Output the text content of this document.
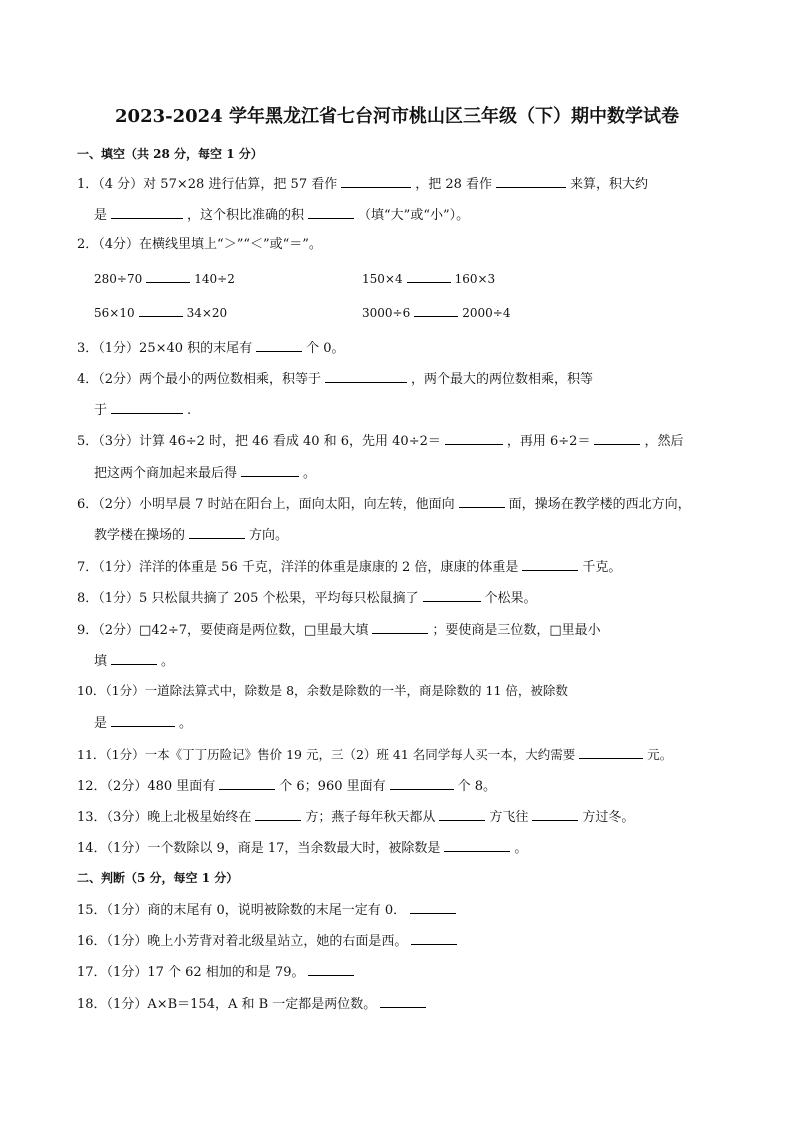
2023-2024 学年黑龙江省七台河市桃山区三年级（下）期中数学试卷
一、填空（共 28 分，每空 1 分）
1．（4 分）对 57×28 进行估算，把 57 看作	，把 28 看作	来算，积大约
是	，这个积比准确的积	（填“大”或“小”）。
2．（4分）在横线里填上“＞”“＜”或“＝”。
280÷70	140÷2	150×4	160×3
56×10	34×20	3000÷6	2000÷4
3．（1分）25×40 积的末尾有	个 0。
4．（2分）两个最小的两位数相乘，积等于	，两个最大的两位数相乘，积等
于	.
5．（3分）计算 46÷2 时，把 46 看成 40 和 6，先用 40÷2＝	，再用 6÷2＝	，然后
把这两个商加起来最后得	。
6．（2分）小明早晨 7 时站在阳台上，面向太阳，向左转，他面向	面，操场在教学楼的西北方向，
教学楼在操场的	方向。
7．（1分）洋洋的体重是 56 千克，洋洋的体重是康康的 2 倍，康康的体重是	千克。
8．（1分）5 只松鼠共摘了 205 个松果，平均每只松鼠摘了	个松果。
9．（2分）□42÷7，要使商是两位数，□里最大填	；要使商是三位数，□里最小
填	。
10．（1分）一道除法算式中，除数是 8，余数是除数的一半，商是除数的 11 倍，被除数
是	。
11．（1分）一本《丁丁历险记》售价 19 元，三（2）班 41 名同学每人买一本，大约需要	元。
12．（2分）480 里面有	个 6；960 里面有	个 8。
13．（3分）晚上北极星始终在	方；燕子每年秋天都从	方飞往	方过冬。
14．（1分）一个数除以 9，商是 17，当余数最大时，被除数是	。
二、判断（5 分，每空 1 分）
15．（1分）商的末尾有 0，说明被除数的末尾一定有 0．
16．（1分）晚上小芳背对着北级星站立，她的右面是西。
17．（1分）17 个 62 相加的和是 79。
18．（1分）A×B＝154，A 和 B 一定都是两位数。
